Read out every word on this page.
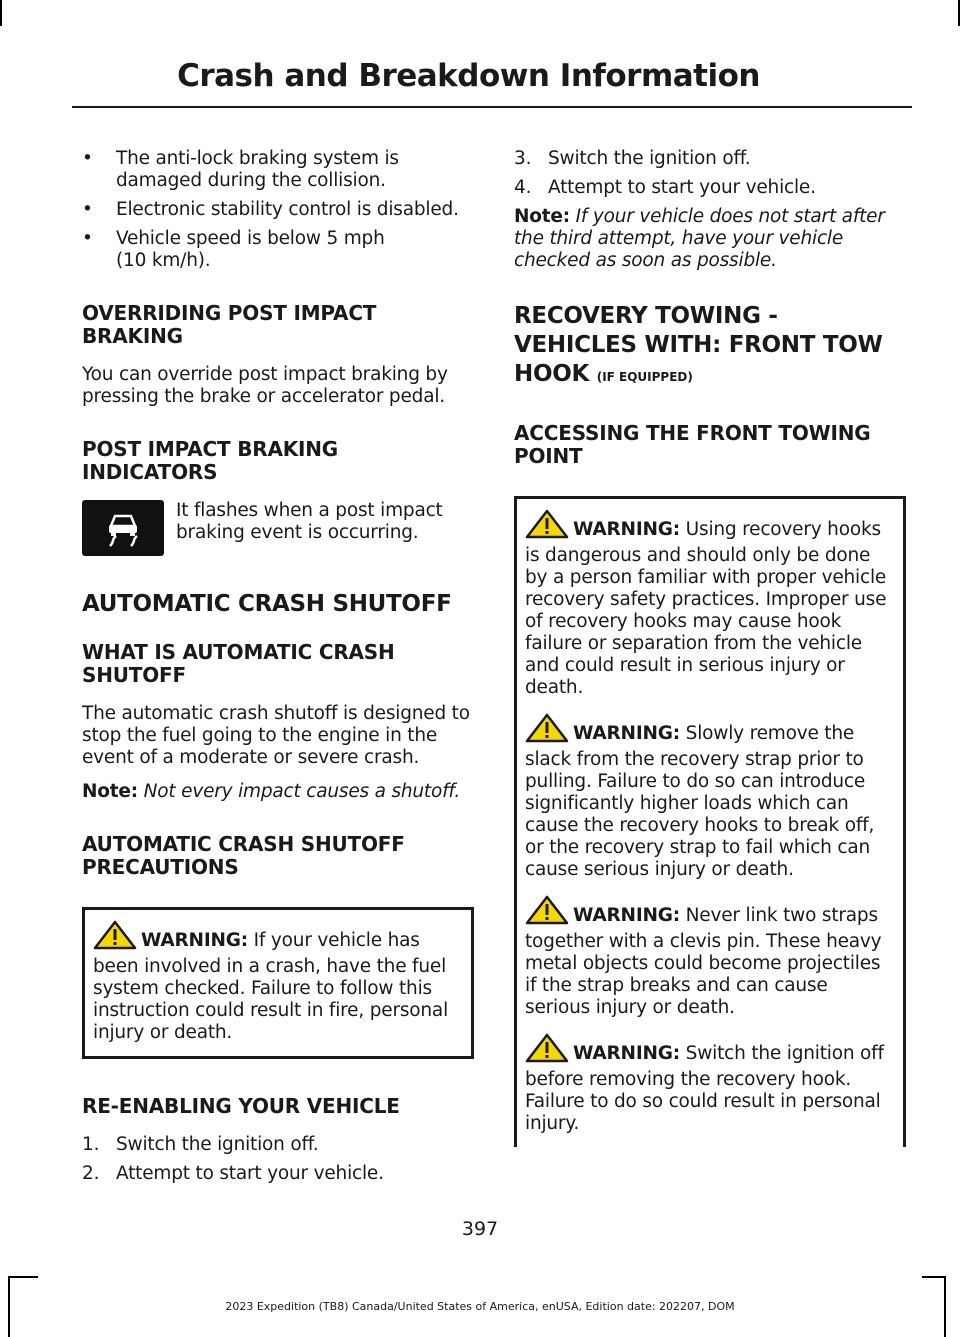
Crash and Breakdown Information
•	The anti-lock braking system is damaged during the collision.
•	Electronic stability control is disabled.
•	Vehicle speed is below 5 mph (10 km/h).
OVERRIDING POST IMPACT BRAKING

You can override post impact braking by pressing the brake or accelerator pedal.

POST IMPACT BRAKING INDICATORS

It flashes when a post impact braking event is occurring.

AUTOMATIC CRASH SHUTOFF
WHAT IS AUTOMATIC CRASH SHUTOFF

The automatic crash shutoff is designed to stop the fuel going to the engine in the event of a moderate or severe crash.

Note: Not every impact causes a shutoff.

AUTOMATIC CRASH SHUTOFF PRECAUTIONS

WARNING: If your vehicle has been involved in a crash, have the fuel system checked. Failure to follow this instruction could result in fire, personal injury or death.

RE-ENABLING YOUR VEHICLE
1. Switch the ignition off.
2. Attempt to start your vehicle.
3. Switch the ignition off.
4. Attempt to start your vehicle.

Note: If your vehicle does not start after the third attempt, have your vehicle checked as soon as possible.

RECOVERY TOWING -
VEHICLES WITH: FRONT TOW
HOOK (IF EQUIPPED)
ACCESSING THE FRONT TOWING POINT

WARNING: Using recovery hooks is dangerous and should only be done by a person familiar with proper vehicle recovery safety practices. Improper use of recovery hooks may cause hook failure or separation from the vehicle and could result in serious injury or death.

WARNING: Slowly remove the slack from the recovery strap prior to pulling. Failure to do so can introduce significantly higher loads which can cause the recovery hooks to break off, or the recovery strap to fail which can cause serious injury or death.

WARNING: Never link two straps together with a clevis pin. These heavy metal objects could become projectiles if the strap breaks and can cause serious injury or death.

WARNING: Switch the ignition off before removing the recovery hook. Failure to do so could result in personal injury.

397
2023 Expedition (TB8) Canada/United States of America, enUSA, Edition date: 202207, DOM
